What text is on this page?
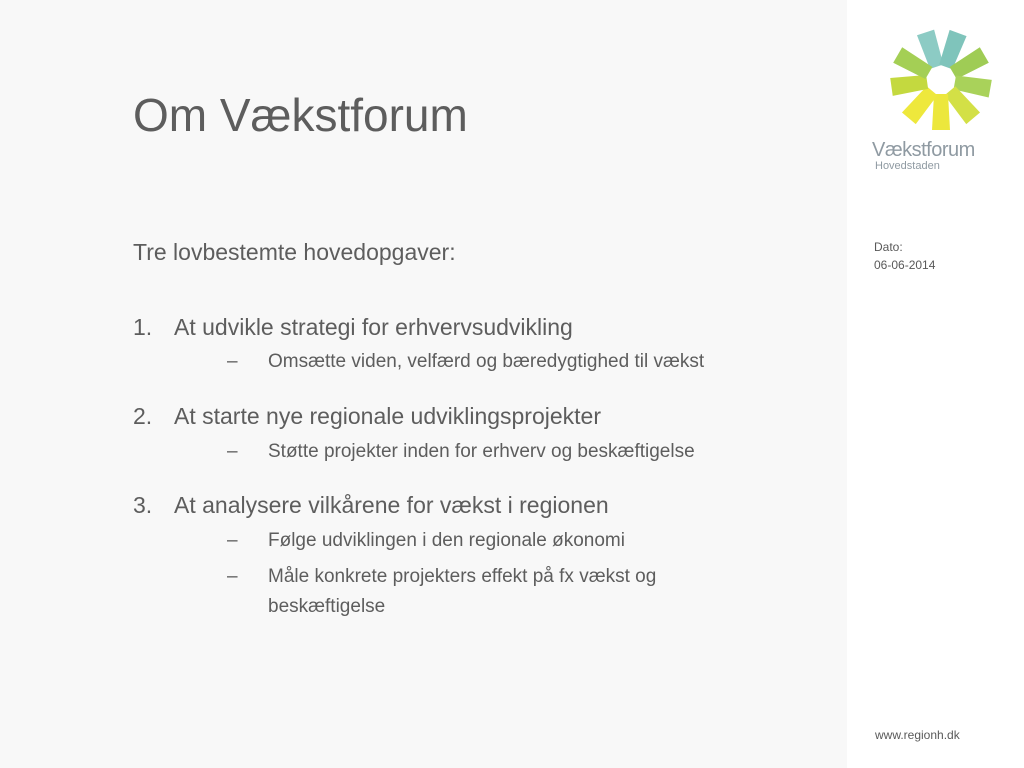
Om Vækstforum
Tre lovbestemte hovedopgaver:
1. At udvikle strategi for erhvervsudvikling
– Omsætte viden, velfærd og bæredygtighed til vækst
2. At starte nye regionale udviklingsprojekter
– Støtte projekter inden for erhverv og beskæftigelse
3. At analysere vilkårene for vækst i regionen
– Følge udviklingen i den regionale økonomi
– Måle konkrete projekters effekt på fx vækst og beskæftigelse
Vækstforum
Hovedstaden
Dato:
06-06-2014
www.regionh.dk
